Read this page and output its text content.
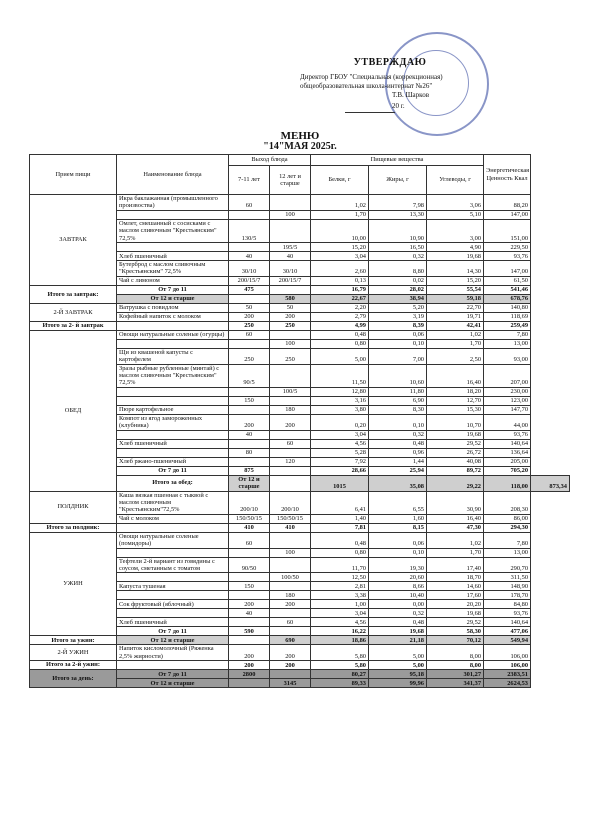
УТВЕРЖДАЮ
Директор ГБОУ "Специальная (коррекционная)
общеобразовательная школа-интернат №26"
Т.В. Шарков
20 г.
МЕНЮ
"14"МАЯ 2025г.
Прием пищи	Наименование блюда	Выход блюда		Пищевые вещества			Энергетическая Ценность Ккал	
		7-11 лет	12 лет и старше	Белки, г	Жиры, г	Углеводы, г		
ЗАВТРАК	Икра баклажанная (промышленного произвоства)	60		1,02	7,98	3,06	88,20	
			100	1,70	13,30	5,10	147,00	
	Омлет, смешанный с сосисками с маслом сливочным "Крестьянским" 72,5%	130/5		10,00	10,90	3,00	151,00	
			195/5	15,20	16,50	4,90	229,50	
	Хлеб пшеничный	40	40	3,04	0,32	19,68	93,76	
	Бутерброд с маслом сливочным "Крестьянским" 72,5%	30/10	30/10	2,60	8,80	14,30	147,00	
	Чай с лимоном	200/15/7	200/15/7	0,13	0,02	15,20	61,50	
Итого за завтрак:	От 7 до 11	475		16,79	28,02	55,54	541,46	
	От 12 и старше		580	22,67	38,94	59,18	678,76	
2-Й ЗАВТРАК	Ватрушка с повидлом	50	50	2,20	5,20	22,70	140,80	
	Кофейный напиток с молоком	200	200	2,79	3,19	19,71	118,69	
Итого за 2- й завтрак		250	250	4,99	8,39	42,41	259,49	
ОБЕД	Овощи натуральные соленые (огурцы)	60		0,48	0,06	1,02	7,80	
			100	0,80	0,10	1,70	13,00	
	Щи из квашеной капусты с картофелем	250	250	5,00	7,00	2,50	93,00	
	Зразы рыбные рубленные (минтай) с маслом сливочным "Крестьянским" 72,5%	90/5		11,50	10,60	16,40	207,00	
			100/5	12,80	11,80	18,20	230,00	
		150		3,16	6,90	12,70	123,00	
	Пюре картофельное		180	3,80	8,30	15,30	147,70	
	Компот из ягод замороженных (клубника)	200	200	0,20	0,10	10,70	44,00	
		40		3,04	0,32	19,68	93,76	
	Хлеб пшеничный		60	4,56	0,48	29,52	140,64	
		80		5,28	0,96	26,72	136,64	
	Хлеб ржано-пшеничный		120	7,92	1,44	40,08	205,00	
	От 7 до 11	875		28,66	25,94	89,72	705,20	
	Итого за обед:	От 12 и старше		1015	35,08	29,22	118,00	873,34
ПОЛДНИК	Каша вязкая пшенная с тыквой с маслом сливочным "Крестьянским"72,5%	200/10	200/10	6,41	6,55	30,90	208,30	
	Чай с молоком	150/50/15	150/50/15	1,40	1,60	16,40	86,00	
Итого за полдник:		410	410	7,81	8,15	47,30	294,30	
УЖИН	Овощи натуральные соленые (помидоры)	60		0,48	0,06	1,02	7,80	
			100	0,80	0,10	1,70	13,00	
	Тефтели 2-й вариант из говядины с соусом, сметанным с томатом	90/50		11,70	19,30	17,40	290,70	
			100/50	12,50	20,60	18,70	311,50	
	Капуста тушеная	150		2,81	8,66	14,60	148,90	
			180	3,38	10,40	17,60	178,70	
	Сок фруктовый (яблочный)	200	200	1,00	0,00	20,20	84,80	
		40		3,04	0,32	19,68	93,76	
	Хлеб пшеничный		60	4,56	0,48	29,52	140,64	
	От 7 до 11	590		16,22	19,68	58,30	477,06	
Итого за ужин:	От 12 и старше		690	18,86	21,18	70,12	549,94	
2-Й УЖИН	Напиток кисломолочный (Ряженка 2,5% жирности)	200	200	5,80	5,00	8,00	106,00	
Итого за 2-й ужин:		200	200	5,80	5,00	8,00	106,00	
Итого за день:	От 7 до 11	2800		80,27	95,18	301,27	2383,51	
	От 12 и старше		3145	89,33	99,96	341,37	2624,53	
